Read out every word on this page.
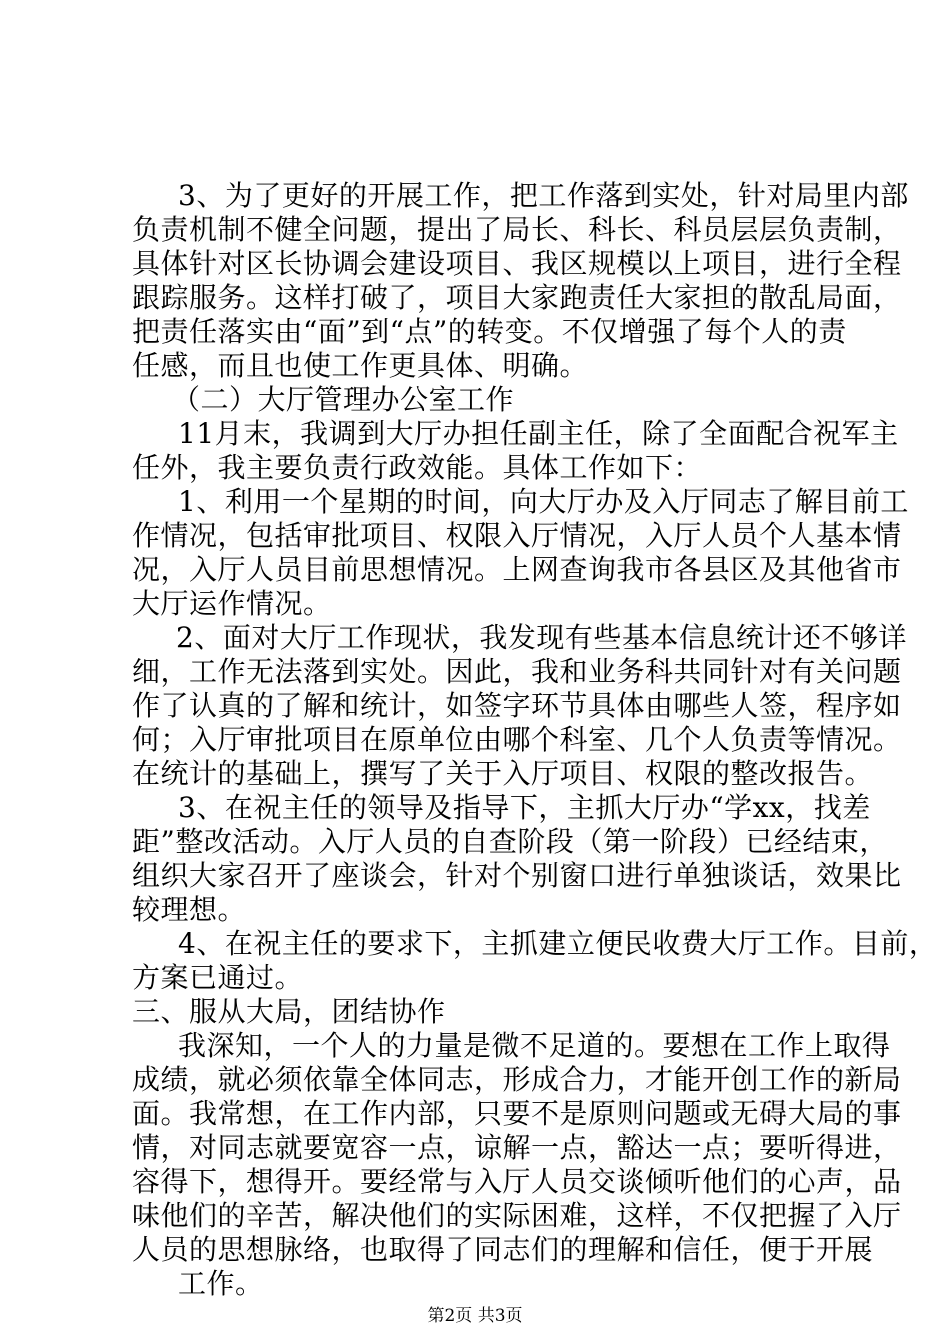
3、为了更好的开展工作，把工作落到实处，针对局里内部
负责机制不健全问题，提出了局长、科长、科员层层负责制，
具体针对区长协调会建设项目、我区规模以上项目，进行全程
跟踪服务。这样打破了，项目大家跑责任大家担的散乱局面，
把责任落实由“面”到“点”的转变。不仅增强了每个人的责
任感，而且也使工作更具体、明确。
（二）大厅管理办公室工作
11月末，我调到大厅办担任副主任，除了全面配合祝军主
任外，我主要负责行政效能。具体工作如下：
1、利用一个星期的时间，向大厅办及入厅同志了解目前工
作情况，包括审批项目、权限入厅情况，入厅人员个人基本情
况，入厅人员目前思想情况。上网查询我市各县区及其他省市
大厅运作情况。
2、面对大厅工作现状，我发现有些基本信息统计还不够详
细，工作无法落到实处。因此，我和业务科共同针对有关问题
作了认真的了解和统计，如签字环节具体由哪些人签，程序如
何；入厅审批项目在原单位由哪个科室、几个人负责等情况。
在统计的基础上，撰写了关于入厅项目、权限的整改报告。
3、在祝主任的领导及指导下，主抓大厅办“学xx，找差
距”整改活动。入厅人员的自查阶段（第一阶段）已经结束，
组织大家召开了座谈会，针对个别窗口进行单独谈话，效果比
较理想。
4、在祝主任的要求下，主抓建立便民收费大厅工作。目前，
方案已通过。
三、服从大局，团结协作
我深知，一个人的力量是微不足道的。要想在工作上取得
成绩，就必须依靠全体同志，形成合力，才能开创工作的新局
面。我常想，在工作内部，只要不是原则问题或无碍大局的事
情，对同志就要宽容一点，谅解一点，豁达一点；要听得进，
容得下，想得开。要经常与入厅人员交谈倾听他们的心声，品
味他们的辛苦，解决他们的实际困难，这样，不仅把握了入厅
人员的思想脉络，也取得了同志们的理解和信任，便于开展
工作。
第2页 共3页
